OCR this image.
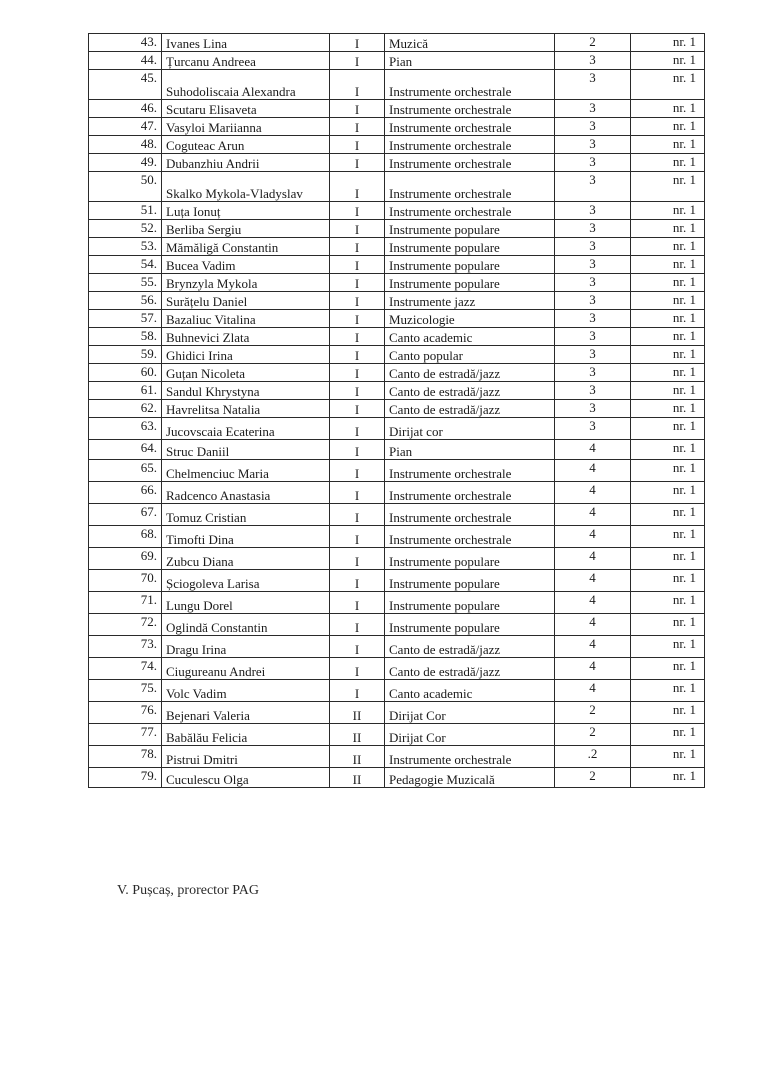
43.	Ivanes Lina	I	Muzică	2	nr. 1
44.	Țurcanu Andreea	I	Pian	3	nr. 1
45.	Suhodoliscaia Alexandra	I	Instrumente orchestrale	3	nr. 1
46.	Scutaru Elisaveta	I	Instrumente orchestrale	3	nr. 1
47.	Vasyloi Mariianna	I	Instrumente orchestrale	3	nr. 1
48.	Coguteac Arun	I	Instrumente orchestrale	3	nr. 1
49.	Dubanzhiu Andrii	I	Instrumente orchestrale	3	nr. 1
50.	Skalko Mykola-Vladyslav	I	Instrumente orchestrale	3	nr. 1
51.	Luța Ionuț	I	Instrumente orchestrale	3	nr. 1
52.	Berliba Sergiu	I	Instrumente populare	3	nr. 1
53.	Mămăligă Constantin	I	Instrumente populare	3	nr. 1
54.	Bucea Vadim	I	Instrumente populare	3	nr. 1
55.	Brynzyla Mykola	I	Instrumente populare	3	nr. 1
56.	Surățelu Daniel	I	Instrumente jazz	3	nr. 1
57.	Bazaliuc Vitalina	I	Muzicologie	3	nr. 1
58.	Buhnevici Zlata	I	Canto academic	3	nr. 1
59.	Ghidici Irina	I	Canto popular	3	nr. 1
60.	Guțan Nicoleta	I	Canto de estradă/jazz	3	nr. 1
61.	Sandul Khrystyna	I	Canto de estradă/jazz	3	nr. 1
62.	Havrelitsa Natalia	I	Canto de estradă/jazz	3	nr. 1
63.	Jucovscaia Ecaterina	I	Dirijat cor	3	nr. 1
64.	Struc Daniil	I	Pian	4	nr. 1
65.	Chelmenciuc Maria	I	Instrumente orchestrale	4	nr. 1
66.	Radcenco Anastasia	I	Instrumente orchestrale	4	nr. 1
67.	Tomuz Cristian	I	Instrumente orchestrale	4	nr. 1
68.	Timofti Dina	I	Instrumente orchestrale	4	nr. 1
69.	Zubcu Diana	I	Instrumente populare	4	nr. 1
70.	Șciogoleva Larisa	I	Instrumente populare	4	nr. 1
71.	Lungu Dorel	I	Instrumente populare	4	nr. 1
72.	Oglindă Constantin	I	Instrumente populare	4	nr. 1
73.	Dragu Irina	I	Canto de estradă/jazz	4	nr. 1
74.	Ciugureanu Andrei	I	Canto de estradă/jazz	4	nr. 1
75.	Volc Vadim	I	Canto academic	4	nr. 1
76.	Bejenari Valeria	II	Dirijat Cor	2	nr. 1
77.	Babălău Felicia	II	Dirijat Cor	2	nr. 1
78.	Pistrui Dmitri	II	Instrumente orchestrale	.2	nr. 1
79.	Cuculescu Olga	II	Pedagogie Muzicală	2	nr. 1
V. Pușcaș, prorector PAG
